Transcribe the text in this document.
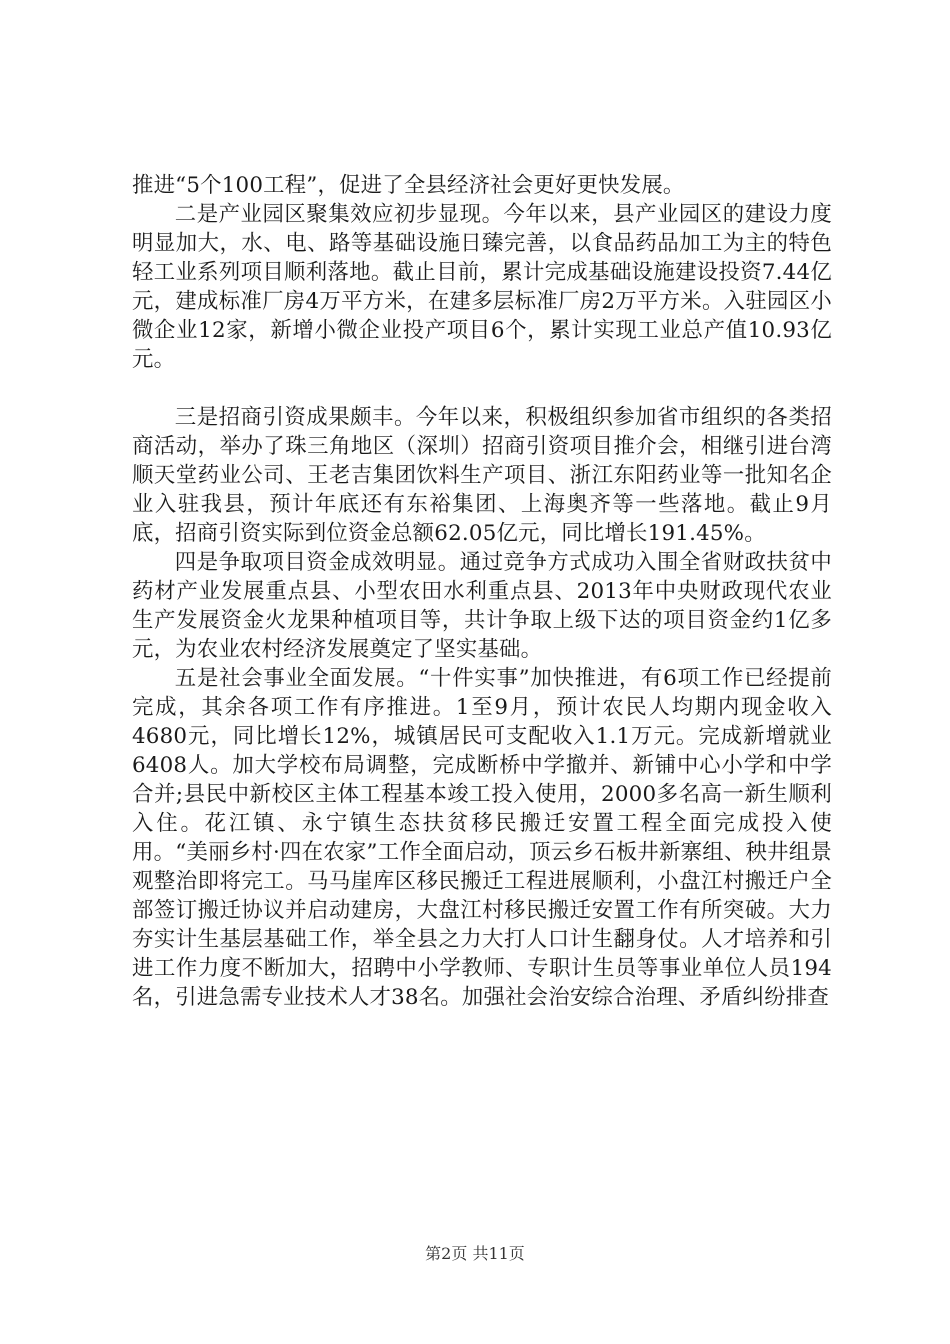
推进“5个100工程”，促进了全县经济社会更好更快发展。

二是产业园区聚集效应初步显现。今年以来，县产业园区的建设力度明显加大，水、电、路等基础设施日臻完善，以食品药品加工为主的特色轻工业系列项目顺利落地。截止目前，累计完成基础设施建设投资7.44亿元，建成标准厂房4万平方米，在建多层标准厂房2万平方米。入驻园区小微企业12家，新增小微企业投产项目6个，累计实现工业总产值10.93亿元。

三是招商引资成果颇丰。今年以来，积极组织参加省市组织的各类招商活动，举办了珠三角地区（深圳）招商引资项目推介会，相继引进台湾顺天堂药业公司、王老吉集团饮料生产项目、浙江东阳药业等一批知名企业入驻我县，预计年底还有东裕集团、上海奥齐等一些落地。截止9月底，招商引资实际到位资金总额62.05亿元，同比增长191.45%。

四是争取项目资金成效明显。通过竞争方式成功入围全省财政扶贫中药材产业发展重点县、小型农田水利重点县、2013年中央财政现代农业生产发展资金火龙果种植项目等，共计争取上级下达的项目资金约1亿多元，为农业农村经济发展奠定了坚实基础。

五是社会事业全面发展。“十件实事”加快推进，有6项工作已经提前完成，其余各项工作有序推进。1至9月，预计农民人均期内现金收入4680元，同比增长12%，城镇居民可支配收入1.1万元。完成新增就业6408人。加大学校布局调整，完成断桥中学撤并、新铺中心小学和中学合并;县民中新校区主体工程基本竣工投入使用，2000多名高一新生顺利入住。花江镇、永宁镇生态扶贫移民搬迁安置工程全面完成投入使用。“美丽乡村·四在农家”工作全面启动，顶云乡石板井新寨组、秧井组景观整治即将完工。马马崖库区移民搬迁工程进展顺利，小盘江村搬迁户全部签订搬迁协议并启动建房，大盘江村移民搬迁安置工作有所突破。大力夯实计生基层基础工作，举全县之力大打人口计生翻身仗。人才培养和引进工作力度不断加大，招聘中小学教师、专职计生员等事业单位人员194名，引进急需专业技术人才38名。加强社会治安综合治理、矛盾纠纷排查

第2页 共11页
